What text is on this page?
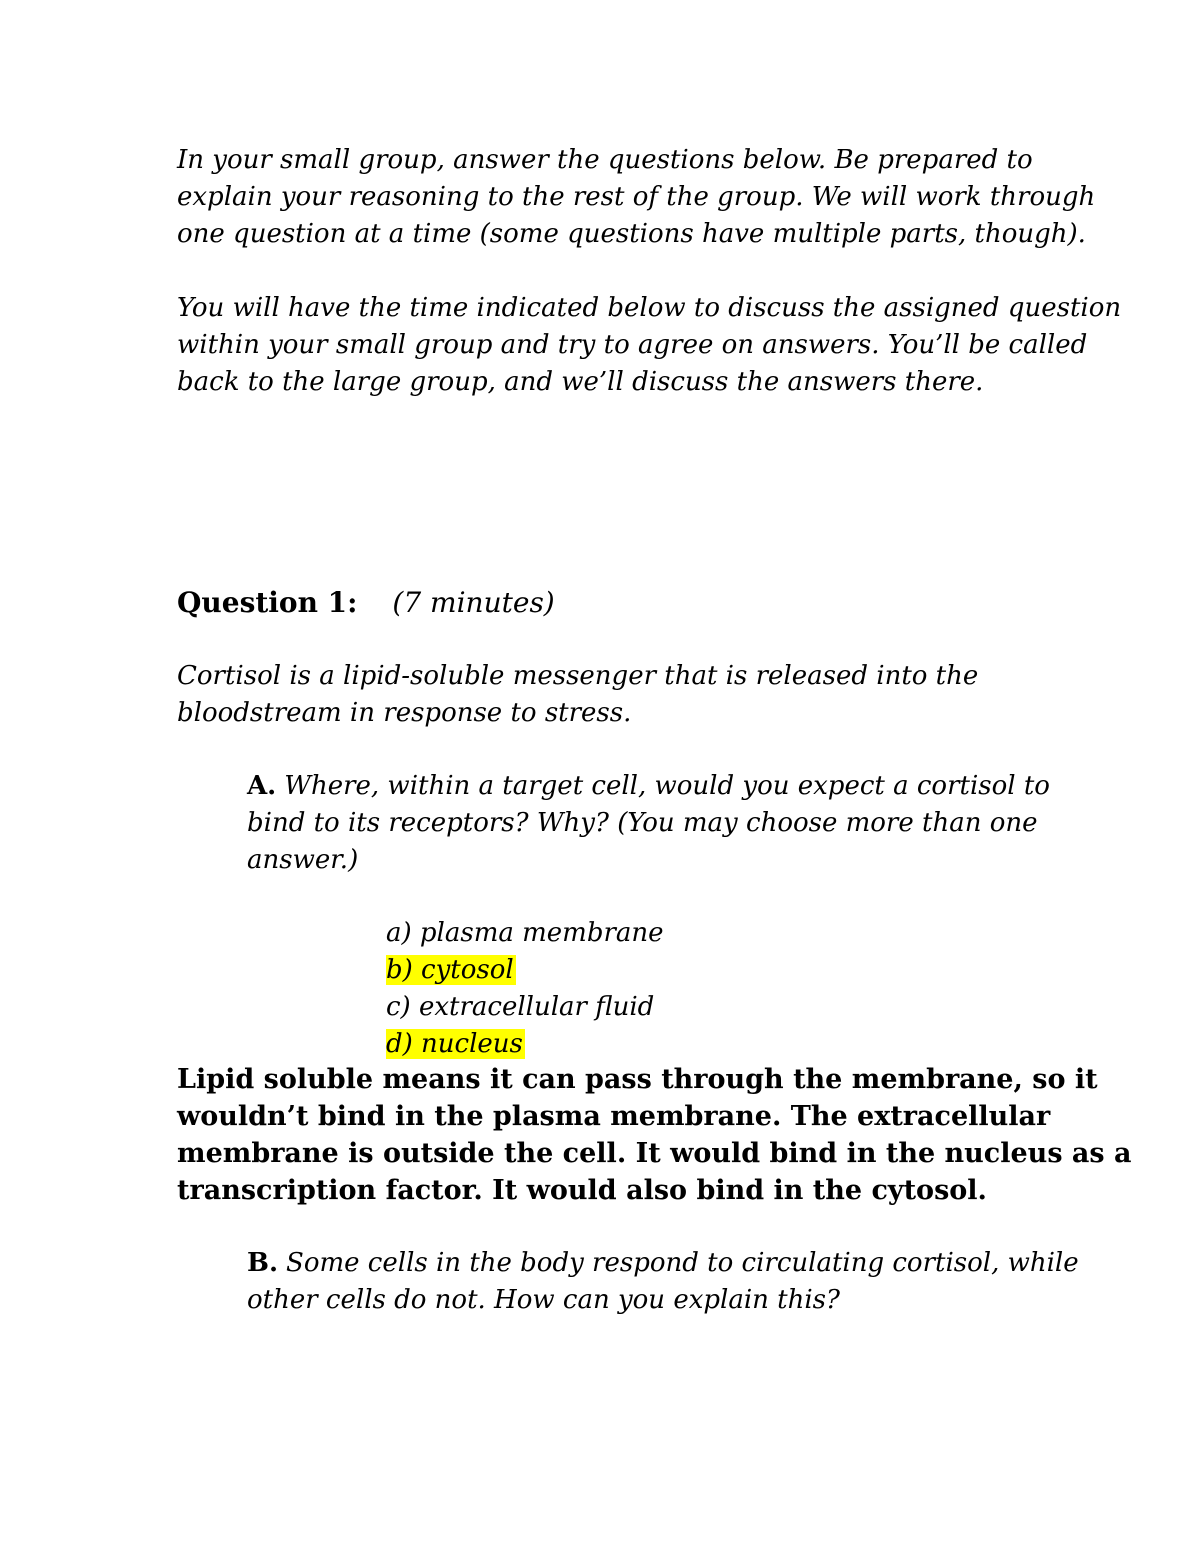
In your small group, answer the questions below. Be prepared to
explain your reasoning to the rest of the group. We will work through
one question at a time (some questions have multiple parts, though).
You will have the time indicated below to discuss the assigned question
within your small group and try to agree on answers. You’ll be called
back to the large group, and we’ll discuss the answers there.
Question 1: (7 minutes)
Cortisol is a lipid-soluble messenger that is released into the
bloodstream in response to stress.
A. Where, within a target cell, would you expect a cortisol to
bind to its receptors? Why? (You may choose more than one
answer.)
a) plasma membrane
b) cytosol
c) extracellular fluid
d) nucleus
Lipid soluble means it can pass through the membrane, so it
wouldn’t bind in the plasma membrane. The extracellular
membrane is outside the cell. It would bind in the nucleus as a
transcription factor. It would also bind in the cytosol.
B. Some cells in the body respond to circulating cortisol, while
other cells do not. How can you explain this?
